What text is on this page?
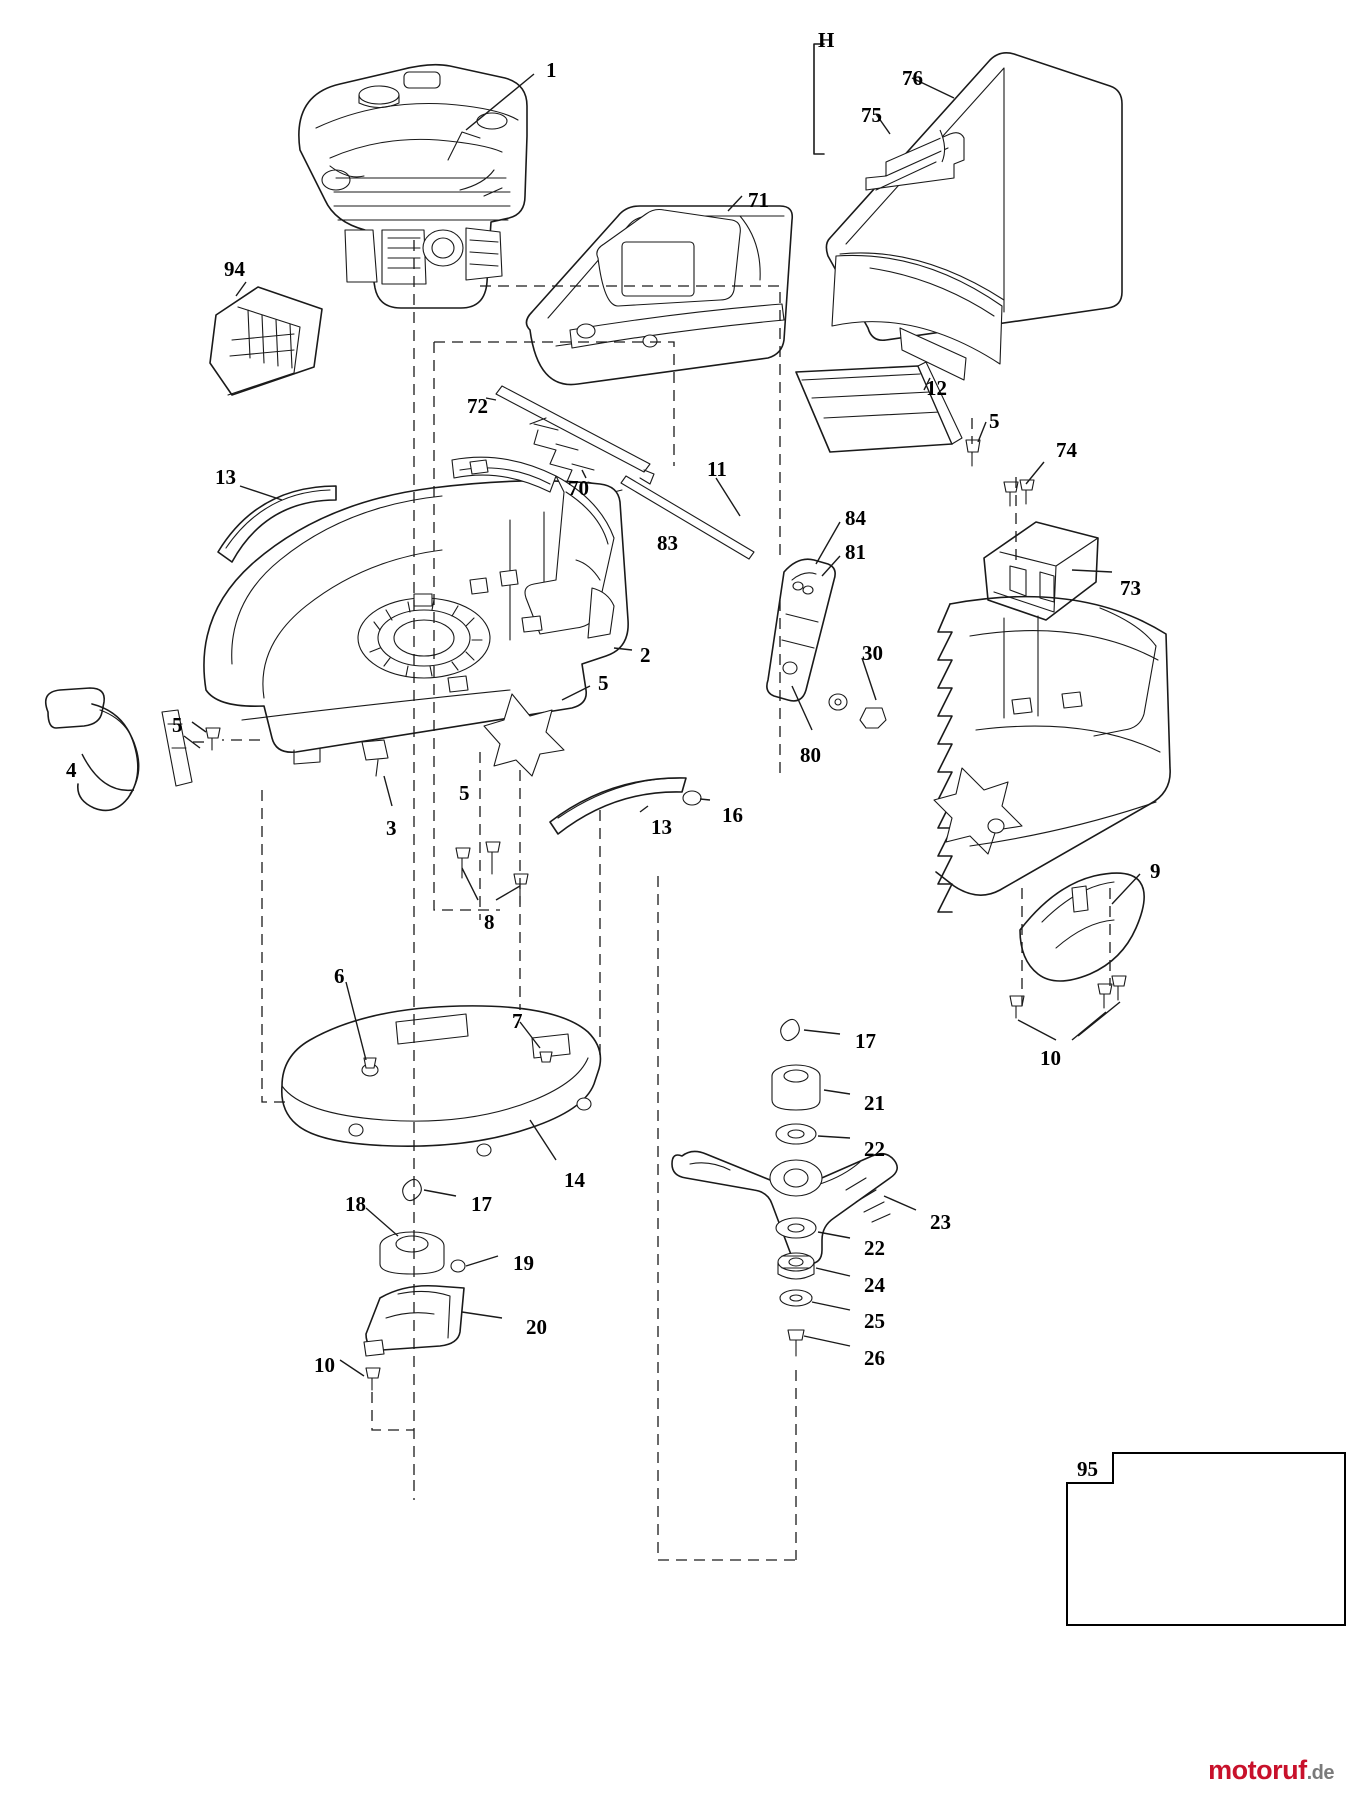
1
94
71
H
76
75
12
5
74
73
72
70
11
13
83
84
81
30
80
2
5
5
4
3
5
13 16
8
9
10
6
7
14
17
18
19
20
10
17
21
22
23
22
24
25
26
95
motoruf.de
